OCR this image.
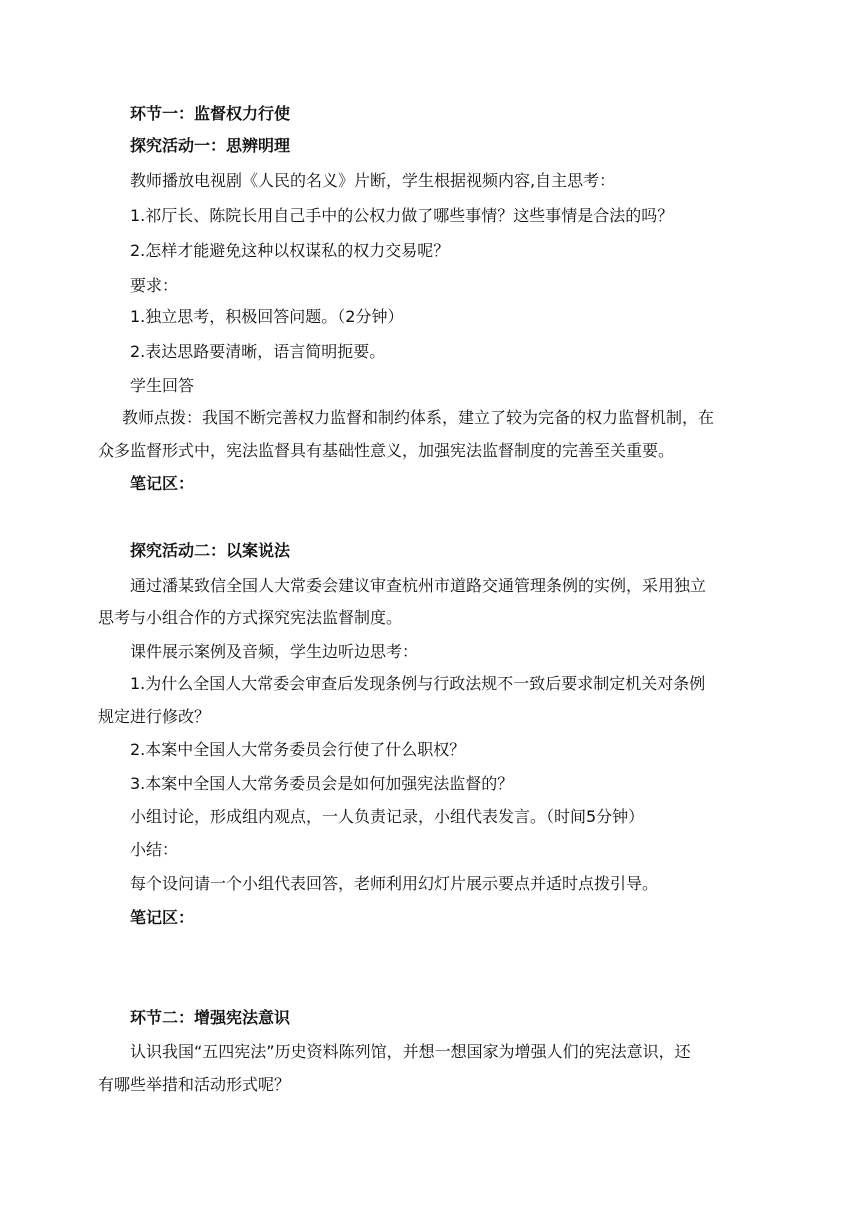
环节一：监督权力行使
探究活动一：思辨明理
教师播放电视剧《人民的名义》片断，学生根据视频内容,自主思考：
1.祁厅长、陈院长用自己手中的公权力做了哪些事情？这些事情是合法的吗？
2.怎样才能避免这种以权谋私的权力交易呢？
要求：
1.独立思考，积极回答问题。（2分钟）
2.表达思路要清晰，语言简明扼要。
学生回答
教师点拨：我国不断完善权力监督和制约体系，建立了较为完备的权力监督机制，在
众多监督形式中，宪法监督具有基础性意义，加强宪法监督制度的完善至关重要。
笔记区：
探究活动二：以案说法
通过潘某致信全国人大常委会建议审查杭州市道路交通管理条例的实例，采用独立
思考与小组合作的方式探究宪法监督制度。
课件展示案例及音频，学生边听边思考：
1.为什么全国人大常委会审查后发现条例与行政法规不一致后要求制定机关对条例
规定进行修改？
2.本案中全国人大常务委员会行使了什么职权？
3.本案中全国人大常务委员会是如何加强宪法监督的？
小组讨论，形成组内观点，一人负责记录，小组代表发言。（时间5分钟）
小结：
每个设问请一个小组代表回答，老师利用幻灯片展示要点并适时点拨引导。
笔记区：
环节二：增强宪法意识
认识我国“五四宪法”历史资料陈列馆，并想一想国家为增强人们的宪法意识，还
有哪些举措和活动形式呢？
